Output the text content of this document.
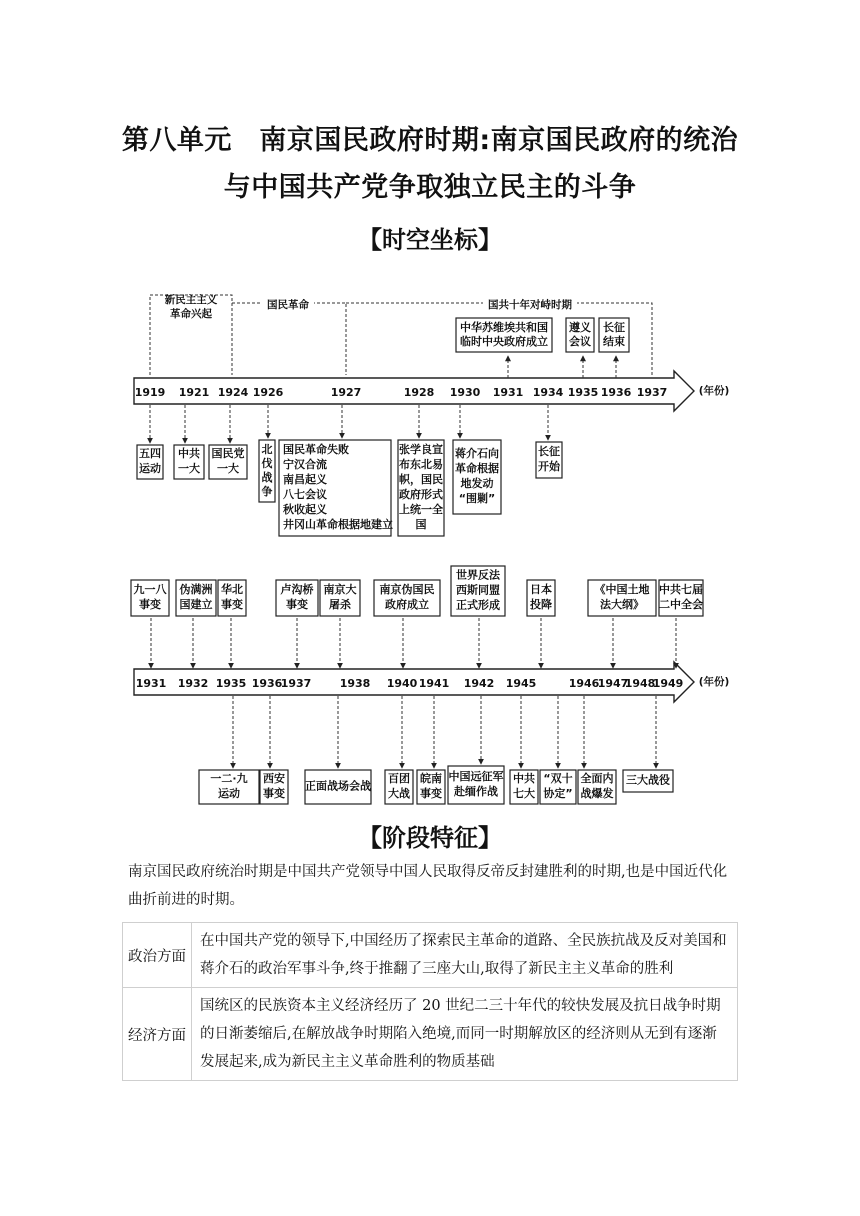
第八单元　南京国民政府时期:南京国民政府的统治
与中国共产党争取独立民主的斗争
【时空坐标】
1919 1921 1924 1926	1927	1928 1930 1931 1934 1935 1936 1937	(年份)
新民主主义
革命兴起
国民革命	国共十年对峙时期
中华苏维埃共和国
临时中央政府成立
遵义
会议
长征
结束
五四
运动
中共
一大
国民党
一大
北
伐
战
争
国民革命失败
宁汉合流
南昌起义
八七会议
秋收起义
井冈山革命根据地建立
张学良宣
布东北易
帜，国民
政府形式
上统一全
国
蒋介石向
革命根据
地发动
“围剿”
长征
开始
1931 1932 1935 1936
1937	1938 1940 1941 1942 1945	1946
1947
1948
1949 (年份)
九一八
事变
伪满洲
国建立
华北
事变
卢沟桥
事变
南京大
屠杀
南京伪国民
政府成立
世界反法
西斯同盟
正式形成
日本
投降
《中国土地
法大纲》
中共七届
二中全会
一二·九
运动
西安
事变
正面战场会战
百团
大战
皖南
事变
中国远征军
赴缅作战
中共
七大
“双十
协定”
全面内
战爆发
三大战役
【阶段特征】
南京国民政府统治时期是中国共产党领导中国人民取得反帝反封建胜利的时期,也是中国近代化曲折前进的时期。
政治方面	在中国共产党的领导下,中国经历了探索民主革命的道路、全民族抗战及反对美国和蒋介石的政治军事斗争,终于推翻了三座大山,取得了新民主主义革命的胜利
经济方面	国统区的民族资本主义经济经历了 20 世纪二三十年代的较快发展及抗日战争时期的日渐萎缩后,在解放战争时期陷入绝境,而同一时期解放区的经济则从无到有逐渐发展起来,成为新民主主义革命胜利的物质基础
